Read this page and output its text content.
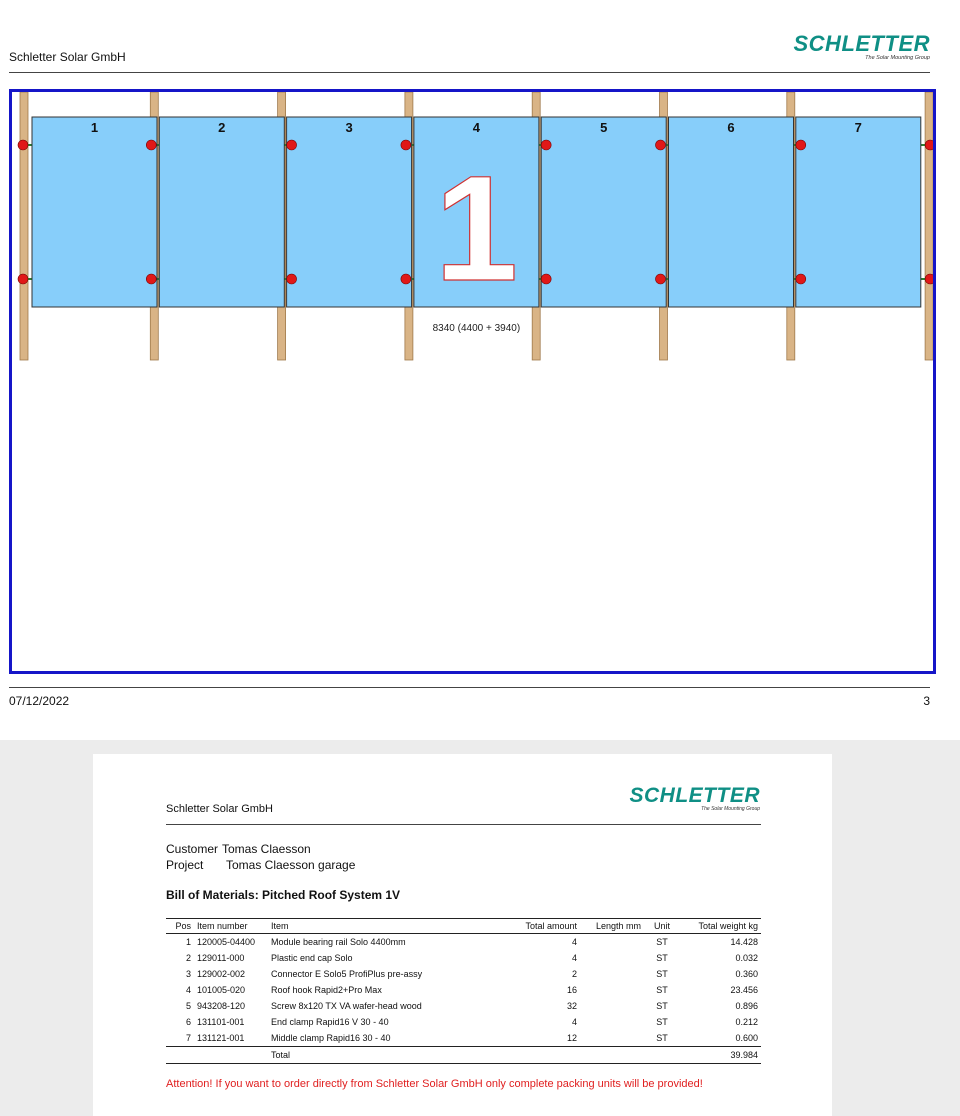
Schletter Solar GmbH
SCHLETTER
The Solar Mounting Group
1	2	3	4	5	6	7
1
8340 (4400 + 3940)
07/12/2022	3
Schletter Solar GmbH
SCHLETTER
The Solar Mounting Group
Customer Tomas Claesson
Project Tomas Claesson garage
Bill of Materials: Pitched Roof System 1V
Pos	Item number	Item	Total amount	Length mm	Unit	Total weight kg
1	120005-04400	Module bearing rail Solo 4400mm	4		ST	14.428
2	129011-000	Plastic end cap Solo	4		ST	0.032
3	129002-002	Connector E Solo5 ProfiPlus pre-assy	2		ST	0.360
4	101005-020	Roof hook Rapid2+Pro Max	16		ST	23.456
5	943208-120	Screw 8x120 TX VA wafer-head wood	32		ST	0.896
6	131101-001	End clamp Rapid16 V 30 - 40	4		ST	0.212
7	131121-001	Middle clamp Rapid16 30 - 40	12		ST	0.600
		Total				39.984
Attention! If you want to order directly from Schletter Solar GmbH only complete packing units will be provided!
